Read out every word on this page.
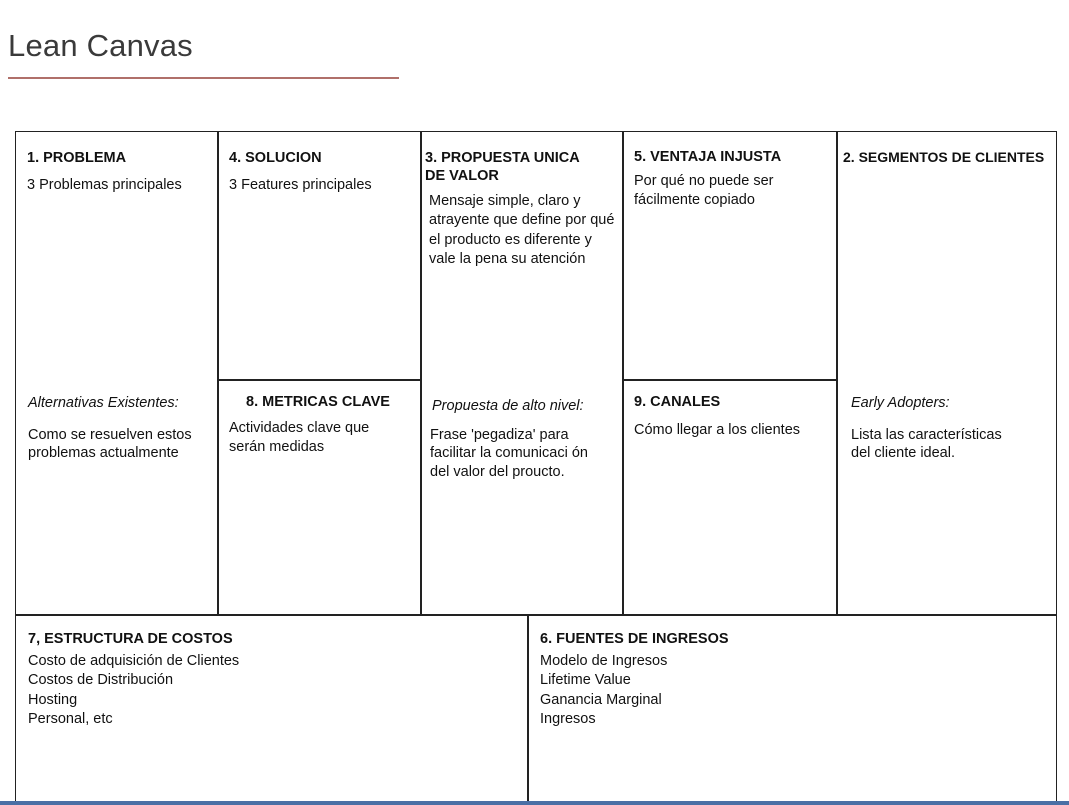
Lean Canvas
1. PROBLEMA
3 Problemas principales
Alternativas Existentes:
Como se resuelven estos
problemas actualmente
4. SOLUCION
3 Features principales
8. METRICAS CLAVE
Actividades clave que
serán medidas
3. PROPUESTA UNICA
DE VALOR
Mensaje simple, claro y
atrayente que define por qué
el producto es diferente y
vale la pena su atención
Propuesta de alto nivel:
Frase 'pegadiza' para
facilitar la comunicaci ón
del valor del proucto.
5. VENTAJA INJUSTA
Por qué no puede ser
fácilmente copiado
9. CANALES
Cómo llegar a los clientes
2. SEGMENTOS DE CLIENTES
Early Adopters:
Lista las características
del cliente ideal.
7, ESTRUCTURA DE COSTOS
Costo de adquisición de Clientes
Costos de Distribución
Hosting
Personal, etc
6. FUENTES DE INGRESOS
Modelo de Ingresos
Lifetime Value
Ganancia Marginal
Ingresos
